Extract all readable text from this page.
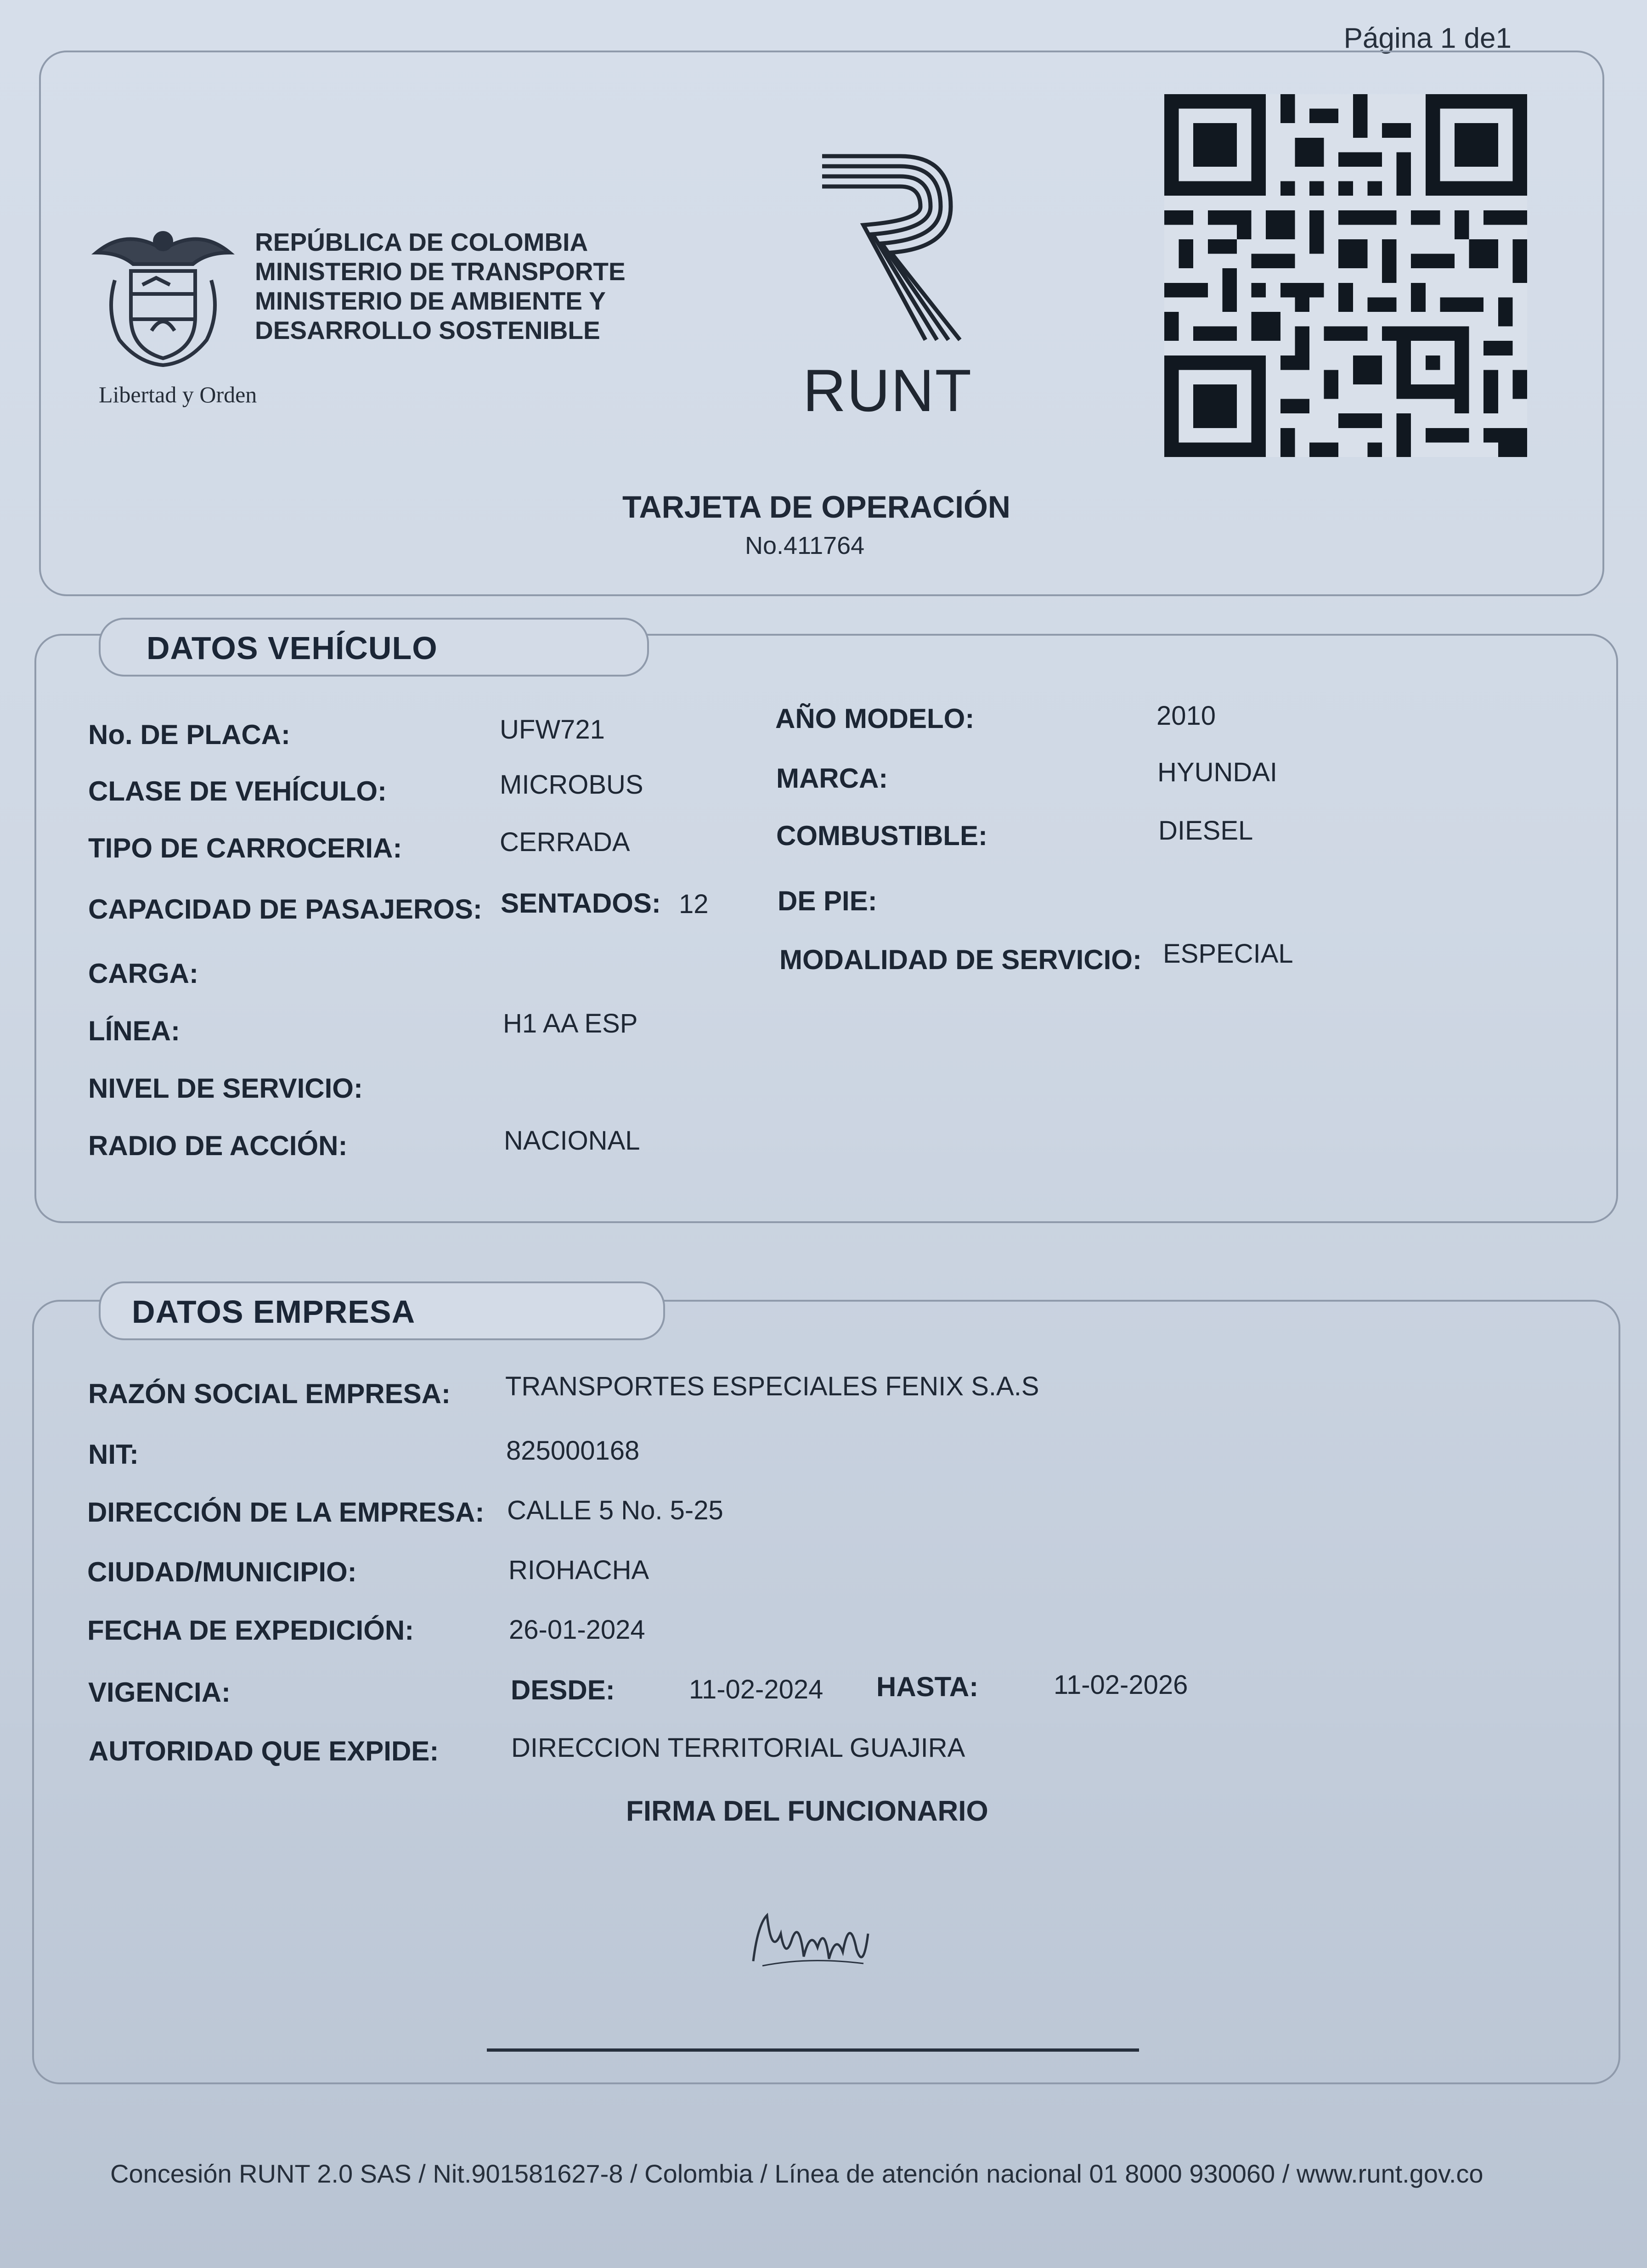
Página 1 de1
REPÚBLICA DE COLOMBIA
MINISTERIO DE TRANSPORTE
MINISTERIO DE AMBIENTE Y
DESARROLLO SOSTENIBLE
Libertad y Orden	RUNT
TARJETA DE OPERACIÓN
No.411764
DATOS VEHÍCULO
No. DE PLACA:	UFW721
CLASE DE VEHÍCULO:	MICROBUS
TIPO DE CARROCERIA:	CERRADA
CAPACIDAD DE PASAJEROS: SENTADOS: 12
CARGA:
LÍNEA:	H1 AA ESP
NIVEL DE SERVICIO:
RADIO DE ACCIÓN:	NACIONAL
AÑO MODELO:	2010
MARCA:	HYUNDAI
COMBUSTIBLE:	DIESEL
DE PIE:
MODALIDAD DE SERVICIO: ESPECIAL
DATOS EMPRESA
RAZÓN SOCIAL EMPRESA: TRANSPORTES ESPECIALES FENIX S.A.S
NIT:	825000168
DIRECCIÓN DE LA EMPRESA: CALLE 5 No. 5-25
CIUDAD/MUNICIPIO:	RIOHACHA
FECHA DE EXPEDICIÓN:	26-01-2024
VIGENCIA:	DESDE:	11-02-2024 HASTA:	11-02-2026
AUTORIDAD QUE EXPIDE:	DIRECCION TERRITORIAL GUAJIRA
FIRMA DEL FUNCIONARIO
Concesión RUNT 2.0 SAS / Nit.901581627-8 / Colombia / Línea de atención nacional 01 8000 930060 / www.runt.gov.co
